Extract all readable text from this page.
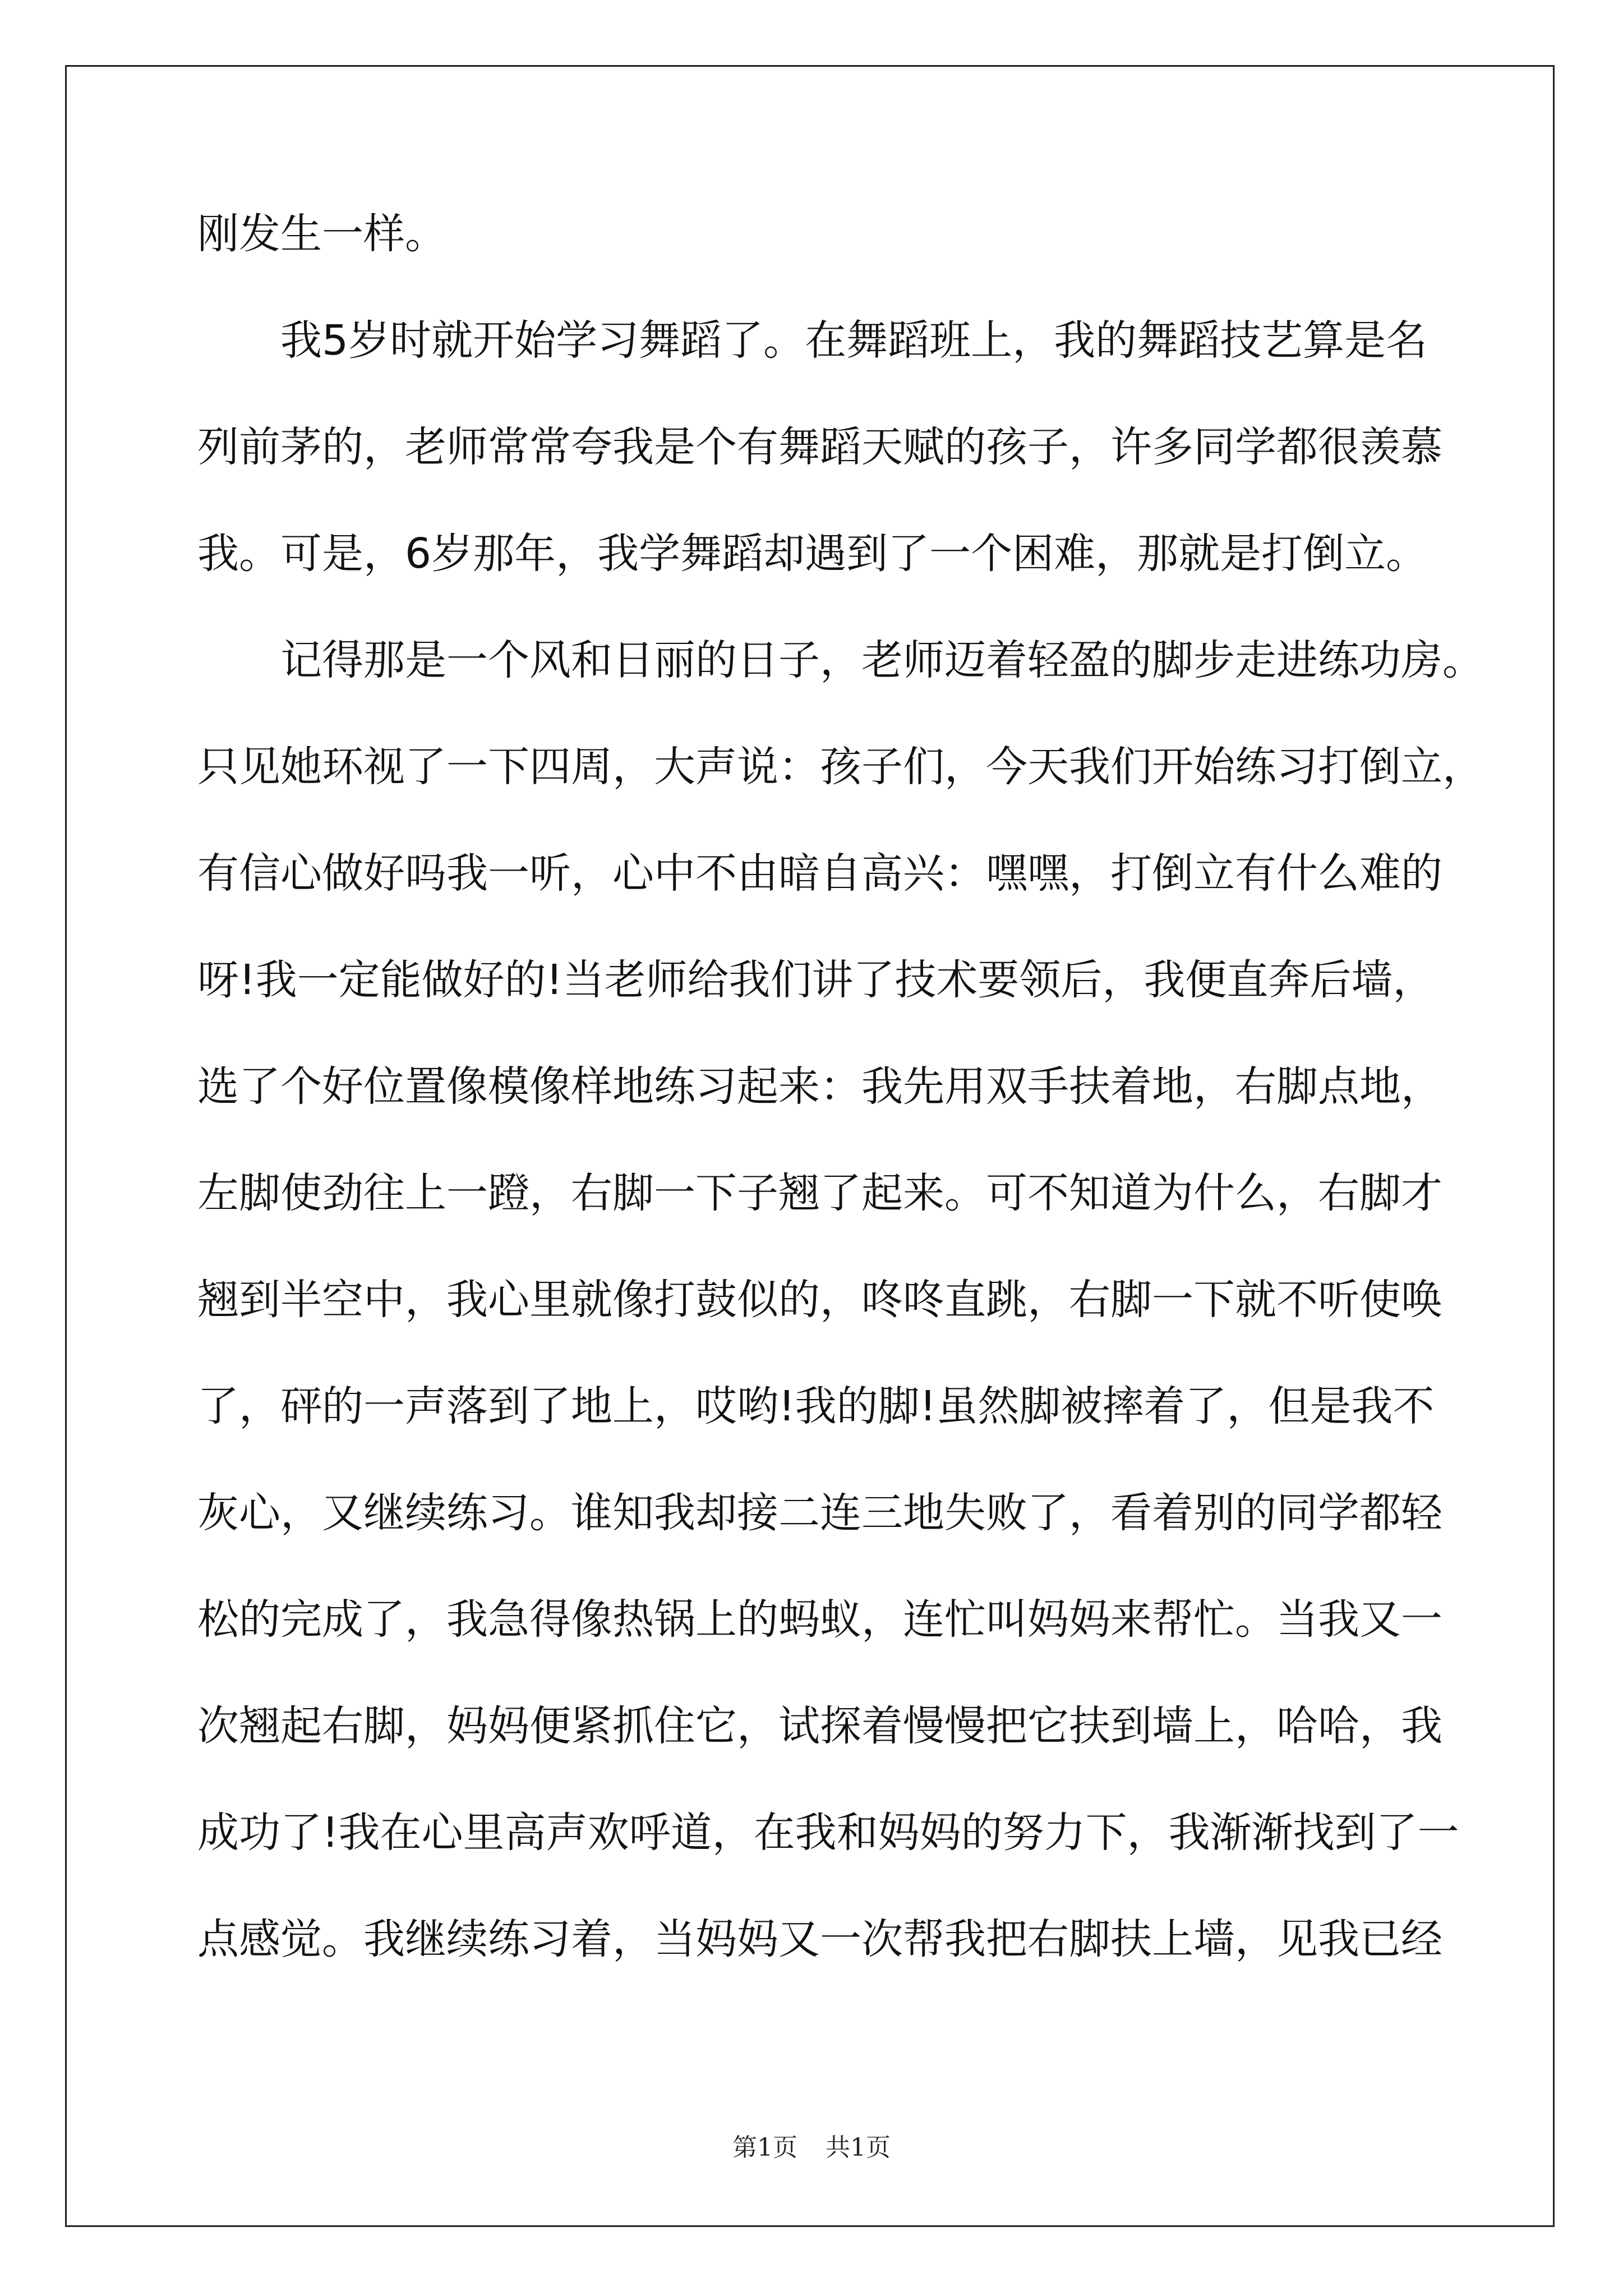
刚发生一样。
我 5 岁 时 就 开 始 学 习 舞 蹈 了 。 在 舞 蹈 班 上 ， 我 的 舞 蹈 技 艺 算 是 名
列 前 茅 的 ， 老 师 常 常 夸 我 是 个 有 舞 蹈 天 赋 的 孩 子 ， 许 多 同 学 都 很 羡 慕
我。可是，6岁那年，我学舞蹈却遇到了一个困难，那就是打倒立。
记 得 那 是 一 个 风 和 日 丽 的 日 子 ， 老 师 迈 着 轻 盈 的 脚 步 走 进 练 功 房 。
只 见 她 环 视 了 一 下 四 周 ， 大 声 说 ： 孩 子 们 ， 今 天 我 们 开 始 练 习 打 倒 立 ，
有 信 心 做 好 吗 我 一 听 ， 心 中 不 由 暗 自 高 兴 ： 嘿 嘿 ， 打 倒 立 有 什 么 难 的
呀 ! 我 一 定 能 做 好 的 ! 当 老 师 给 我 们 讲 了 技 术 要 领 后 ， 我 便 直 奔 后 墙 ，
选 了 个 好 位 置 像 模 像 样 地 练 习 起 来 ： 我 先 用 双 手 扶 着 地 ， 右 脚 点 地 ，
左 脚 使 劲 往 上 一 蹬 ， 右 脚 一 下 子 翘 了 起 来 。 可 不 知 道 为 什 么 ， 右 脚 才
翘 到 半 空 中 ， 我 心 里 就 像 打 鼓 似 的 ， 咚 咚 直 跳 ， 右 脚 一 下 就 不 听 使 唤
了 ， 砰 的 一 声 落 到 了 地 上 ， 哎 哟 ! 我 的 脚 ! 虽 然 脚 被 摔 着 了 ， 但 是 我 不
灰 心 ， 又 继 续 练 习 。 谁 知 我 却 接 二 连 三 地 失 败 了 ， 看 着 别 的 同 学 都 轻
松 的 完 成 了 ， 我 急 得 像 热 锅 上 的 蚂 蚁 ， 连 忙 叫 妈 妈 来 帮 忙 。 当 我 又 一
次 翘 起 右 脚 ， 妈 妈 便 紧 抓 住 它 ， 试 探 着 慢 慢 把 它 扶 到 墙 上 ， 哈 哈 ， 我
成 功 了 ! 我 在 心 里 高 声 欢 呼 道 ， 在 我 和 妈 妈 的 努 力 下 ， 我 渐 渐 找 到 了 一
点 感 觉 。 我 继 续 练 习 着 ， 当 妈 妈 又 一 次 帮 我 把 右 脚 扶 上 墙 ， 见 我 已 经
第1页 共1页
